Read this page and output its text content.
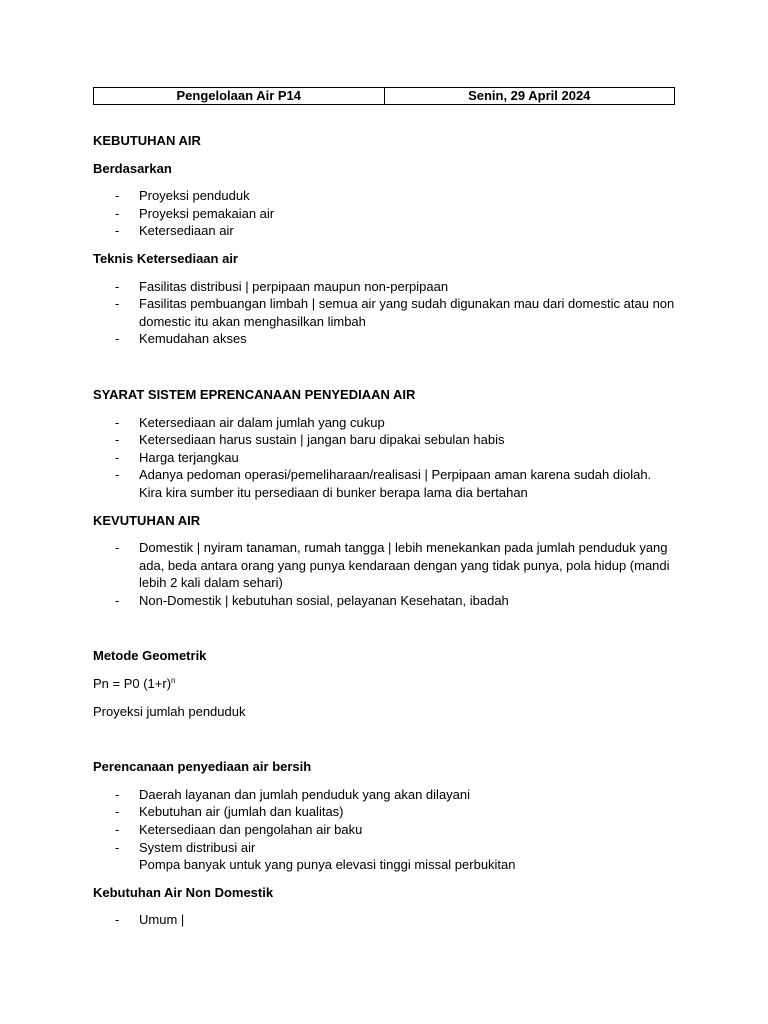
Pengelolaan Air P14	Senin, 29 April 2024

KEBUTUHAN AIR

Berdasarkan

- Proyeksi penduduk
- Proyeksi pemakaian air
- Ketersediaan air

Teknis Ketersediaan air

- Fasilitas distribusi | perpipaan maupun non-perpipaan
- Fasilitas pembuangan limbah | semua air yang sudah digunakan mau dari domestic atau non domestic itu akan menghasilkan limbah
- Kemudahan akses

SYARAT SISTEM EPRENCANAAN PENYEDIAAN AIR

- Ketersediaan air dalam jumlah yang cukup
- Ketersediaan harus sustain | jangan baru dipakai sebulan habis
- Harga terjangkau
- Adanya pedoman operasi/pemeliharaan/realisasi | Perpipaan aman karena sudah diolah. Kira kira sumber itu persediaan di bunker berapa lama dia bertahan

KEVUTUHAN AIR

- Domestik | nyiram tanaman, rumah tangga | lebih menekankan pada jumlah penduduk yang ada, beda antara orang yang punya kendaraan dengan yang tidak punya, pola hidup (mandi lebih 2 kali dalam sehari)
- Non-Domestik | kebutuhan sosial, pelayanan Kesehatan, ibadah

Metode Geometrik

Pn = P0 $(1+r)^n$

Proyeksi jumlah penduduk

Perencanaan penyediaan air bersih

- Daerah layanan dan jumlah penduduk yang akan dilayani
- Kebutuhan air (jumlah dan kualitas)
- Ketersediaan dan pengolahan air baku
- System distribusi air
Pompa banyak untuk yang punya elevasi tinggi missal perbukitan

Kebutuhan Air Non Domestik

- Umum |
